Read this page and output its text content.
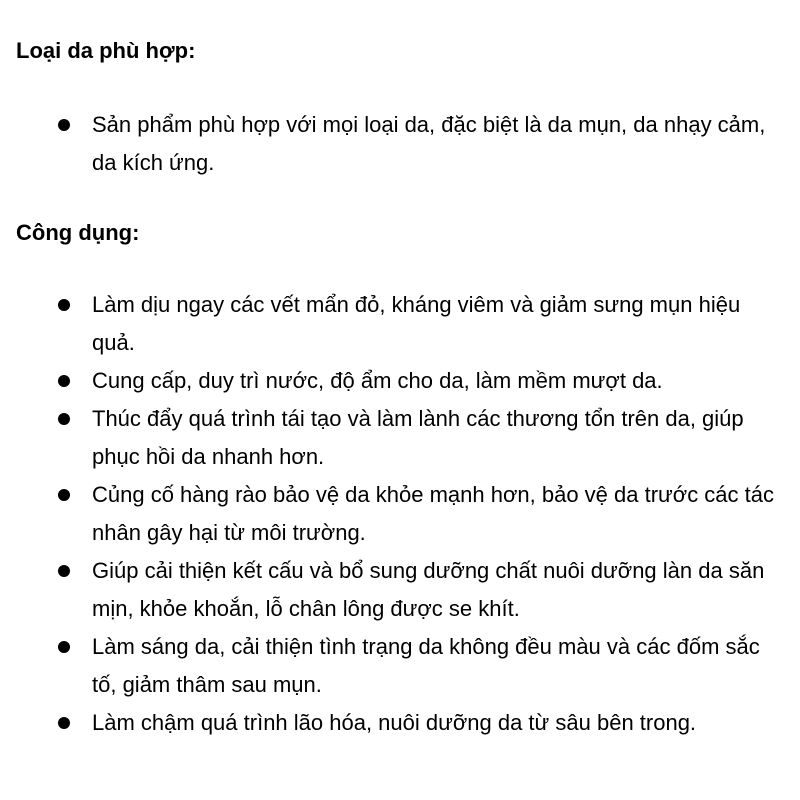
Loại da phù hợp:
Sản phẩm phù hợp với mọi loại da, đặc biệt là da mụn, da nhạy cảm, da kích ứng.
Công dụng:
Làm dịu ngay các vết mẩn đỏ, kháng viêm và giảm sưng mụn hiệu quả.
Cung cấp, duy trì nước, độ ẩm cho da, làm mềm mượt da.
Thúc đẩy quá trình tái tạo và làm lành các thương tổn trên da, giúp phục hồi da nhanh hơn.
Củng cố hàng rào bảo vệ da khỏe mạnh hơn, bảo vệ da trước các tác nhân gây hại từ môi trường.
Giúp cải thiện kết cấu và bổ sung dưỡng chất nuôi dưỡng làn da săn mịn, khỏe khoắn, lỗ chân lông được se khít.
Làm sáng da, cải thiện tình trạng da không đều màu và các đốm sắc tố, giảm thâm sau mụn.
Làm chậm quá trình lão hóa, nuôi dưỡng da từ sâu bên trong.
